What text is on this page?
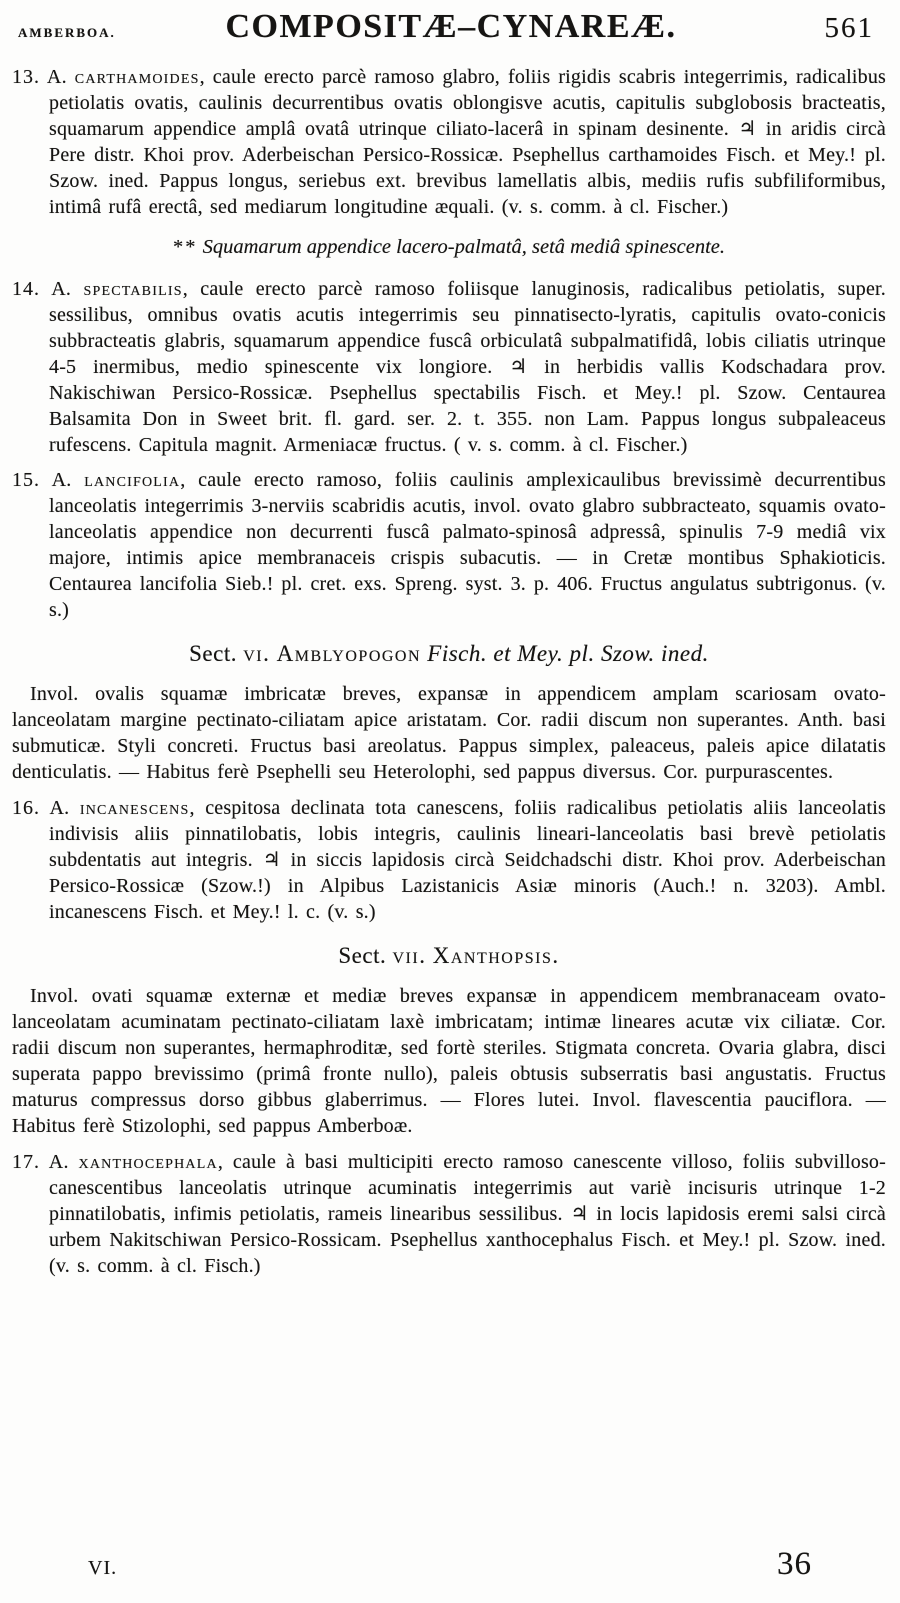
AMBERBOA.	COMPOSITÆ–CYNAREÆ.	561

13. A. carthamoides, caule erecto parcè ramoso glabro, foliis rigidis scabris integerrimis, radicalibus petiolatis ovatis, caulinis decurrentibus ovatis oblongisve acutis, capitulis subglobosis bracteatis, squamarum appendice amplâ ovatâ utrinque ciliato-lacerâ in spinam desinente. ♃ in aridis circà Pere distr. Khoi prov. Aderbeischan Persico-Rossicæ. Psephellus carthamoides Fisch. et Mey.! pl. Szow. ined. Pappus longus, seriebus ext. brevibus lamellatis albis, mediis rufis subfiliformibus, intimâ rufâ erectâ, sed mediarum longitudine æquali. (v. s. comm. à cl. Fischer.)

** Squamarum appendice lacero-palmatâ, setâ mediâ spinescente.

14. A. spectabilis, caule erecto parcè ramoso foliisque lanuginosis, radicalibus petiolatis, super. sessilibus, omnibus ovatis acutis integerrimis seu pinnatisecto-lyratis, capitulis ovato-conicis subbracteatis glabris, squamarum appendice fuscâ orbiculatâ subpalmatifidâ, lobis ciliatis utrinque 4-5 inermibus, medio spinescente vix longiore. ♃ in herbidis vallis Kodschadara prov. Nakischiwan Persico-Rossicæ. Psephellus spectabilis Fisch. et Mey.! pl. Szow. Centaurea Balsamita Don in Sweet brit. fl. gard. ser. 2. t. 355. non Lam. Pappus longus subpaleaceus rufescens. Capitula magnit. Armeniacæ fructus. ( v. s. comm. à cl. Fischer.)

15. A. lancifolia, caule erecto ramoso, foliis caulinis amplexicaulibus brevissimè decurrentibus lanceolatis integerrimis 3-nerviis scabridis acutis, invol. ovato glabro subbracteato, squamis ovato-lanceolatis appendice non decurrenti fuscâ palmato-spinosâ adpressâ, spinulis 7-9 mediâ vix majore, intimis apice membranaceis crispis subacutis. — in Cretæ montibus Sphakioticis. Centaurea lancifolia Sieb.! pl. cret. exs. Spreng. syst. 3. p. 406. Fructus angulatus subtrigonus. (v. s.)

Sect. vi. Amblyopogon Fisch. et Mey. pl. Szow. ined.

Invol. ovalis squamæ imbricatæ breves, expansæ in appendicem amplam scariosam ovato-lanceolatam margine pectinato-ciliatam apice aristatam. Cor. radii discum non superantes. Anth. basi submuticæ. Styli concreti. Fructus basi areolatus. Pappus simplex, paleaceus, paleis apice dilatatis denticulatis. — Habitus ferè Psephelli seu Heterolophi, sed pappus diversus. Cor. purpurascentes.

16. A. incanescens, cespitosa declinata tota canescens, foliis radicalibus petiolatis aliis lanceolatis indivisis aliis pinnatilobatis, lobis integris, caulinis lineari-lanceolatis basi brevè petiolatis subdentatis aut integris. ♃ in siccis lapidosis circà Seidchadschi distr. Khoi prov. Aderbeischan Persico-Rossicæ (Szow.!) in Alpibus Lazistanicis Asiæ minoris (Auch.! n. 3203). Ambl. incanescens Fisch. et Mey.! l. c. (v. s.)

Sect. vii. Xanthopsis.

Invol. ovati squamæ externæ et mediæ breves expansæ in appendicem membranaceam ovato-lanceolatam acuminatam pectinato-ciliatam laxè imbricatam; intimæ lineares acutæ vix ciliatæ. Cor. radii discum non superantes, hermaphroditæ, sed fortè steriles. Stigmata concreta. Ovaria glabra, disci superata pappo brevissimo (primâ fronte nullo), paleis obtusis subserratis basi angustatis. Fructus maturus compressus dorso gibbus glaberrimus. — Flores lutei. Invol. flavescentia pauciflora. — Habitus ferè Stizolophi, sed pappus Amberboæ.

17. A. xanthocephala, caule à basi multicipiti erecto ramoso canescente villoso, foliis subvilloso-canescentibus lanceolatis utrinque acuminatis integerrimis aut variè incisuris utrinque 1-2 pinnatilobatis, infimis petiolatis, rameis linearibus sessilibus. ♃ in locis lapidosis eremi salsi circà urbem Nakitschiwan Persico-Rossicam. Psephellus xanthocephalus Fisch. et Mey.! pl. Szow. ined. (v. s. comm. à cl. Fisch.)

VI.	36
